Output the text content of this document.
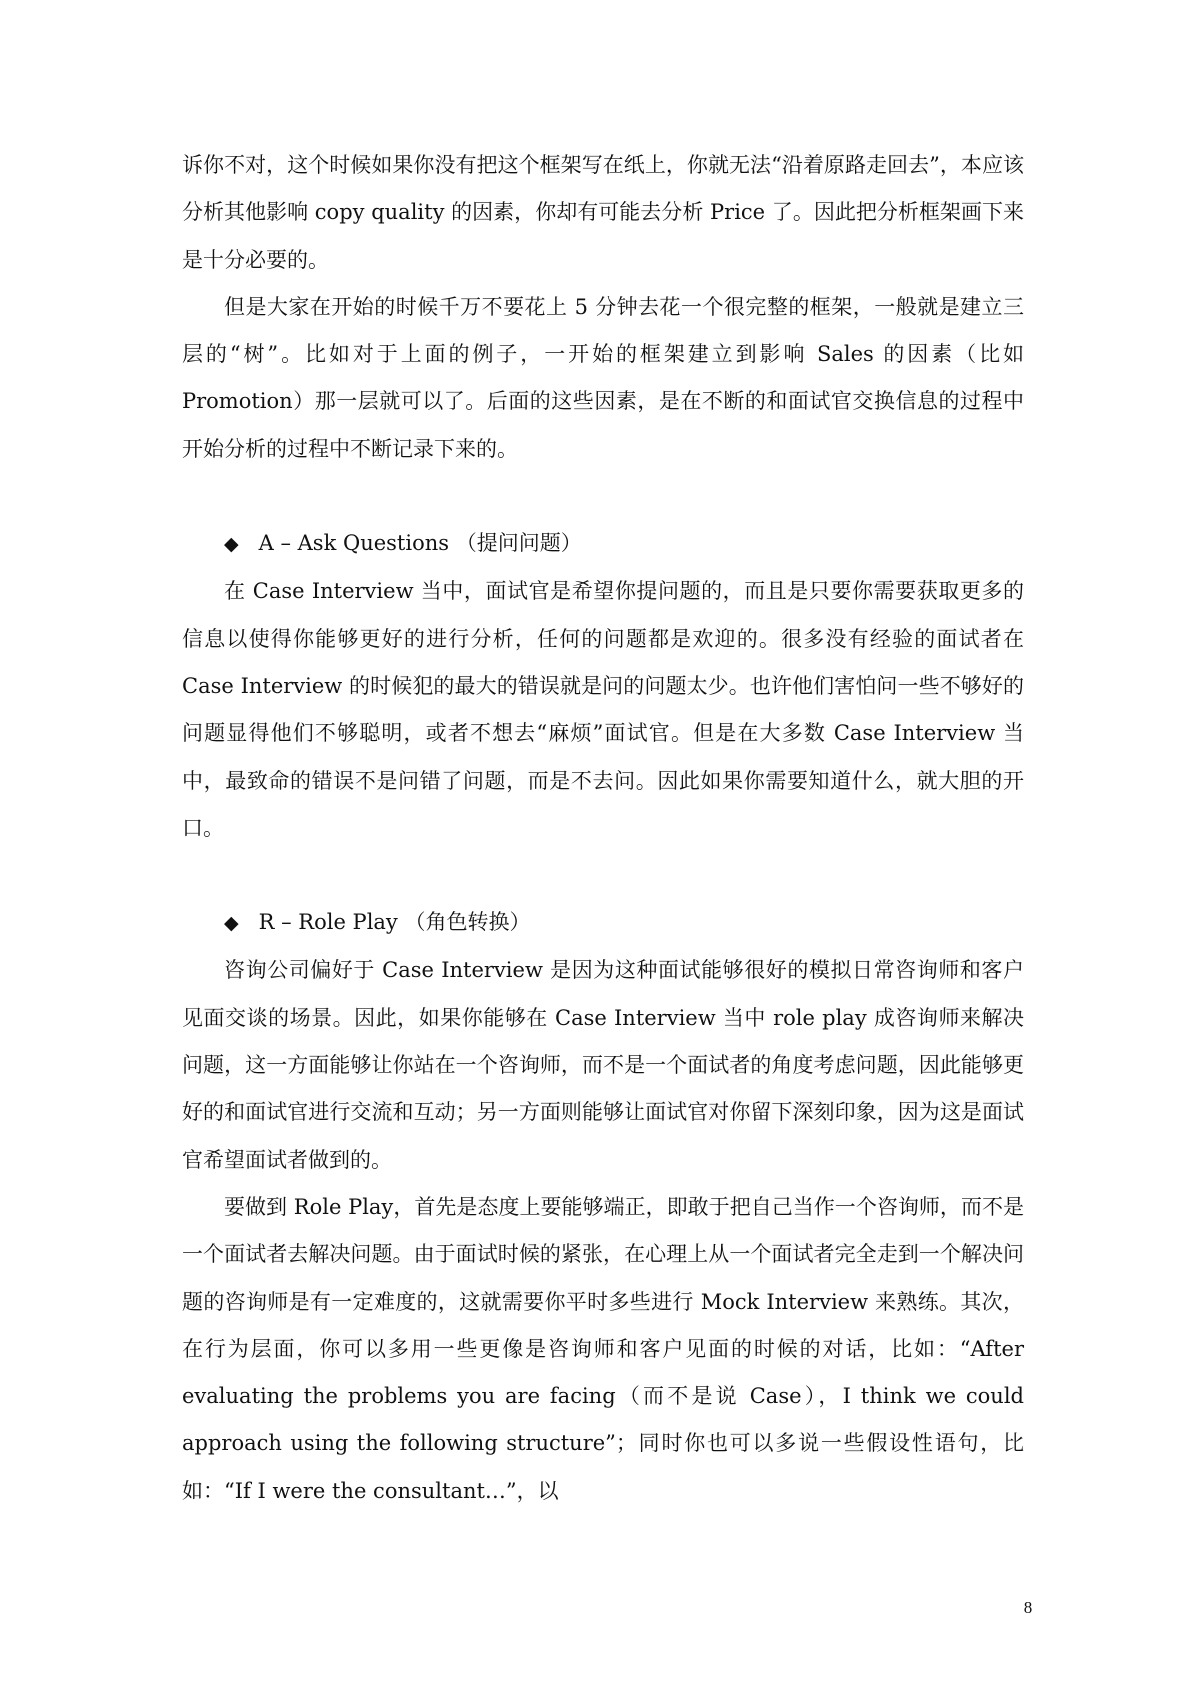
诉你不对，这个时候如果你没有把这个框架写在纸上，你就无法“沿着原路走回去”，本应该分析其他影响 copy quality 的因素，你却有可能去分析 Price 了。因此把分析框架画下来是十分必要的。

但是大家在开始的时候千万不要花上 5 分钟去花一个很完整的框架，一般就是建立三层的“树”。比如对于上面的例子，一开始的框架建立到影响 Sales 的因素（比如 Promotion）那一层就可以了。后面的这些因素，是在不断的和面试官交换信息的过程中开始分析的过程中不断记录下来的。

◆ A – Ask Questions （提问问题）

在 Case Interview 当中，面试官是希望你提问题的，而且是只要你需要获取更多的信息以使得你能够更好的进行分析，任何的问题都是欢迎的。很多没有经验的面试者在 Case Interview 的时候犯的最大的错误就是问的问题太少。也许他们害怕问一些不够好的问题显得他们不够聪明，或者不想去“麻烦”面试官。但是在大多数 Case Interview 当中，最致命的错误不是问错了问题，而是不去问。因此如果你需要知道什么，就大胆的开口。

◆ R – Role Play （角色转换）

咨询公司偏好于 Case Interview 是因为这种面试能够很好的模拟日常咨询师和客户见面交谈的场景。因此，如果你能够在 Case Interview 当中 role play 成咨询师来解决问题，这一方面能够让你站在一个咨询师，而不是一个面试者的角度考虑问题，因此能够更好的和面试官进行交流和互动；另一方面则能够让面试官对你留下深刻印象，因为这是面试官希望面试者做到的。

要做到 Role Play，首先是态度上要能够端正，即敢于把自己当作一个咨询师，而不是一个面试者去解决问题。由于面试时候的紧张，在心理上从一个面试者完全走到一个解决问题的咨询师是有一定难度的，这就需要你平时多些进行 Mock Interview 来熟练。其次，在行为层面，你可以多用一些更像是咨询师和客户见面的时候的对话，比如：“After evaluating the problems you are facing（而不是说 Case），I think we could approach using the following structure”；同时你也可以多说一些假设性语句，比如：“If I were the consultant…”，以

8
